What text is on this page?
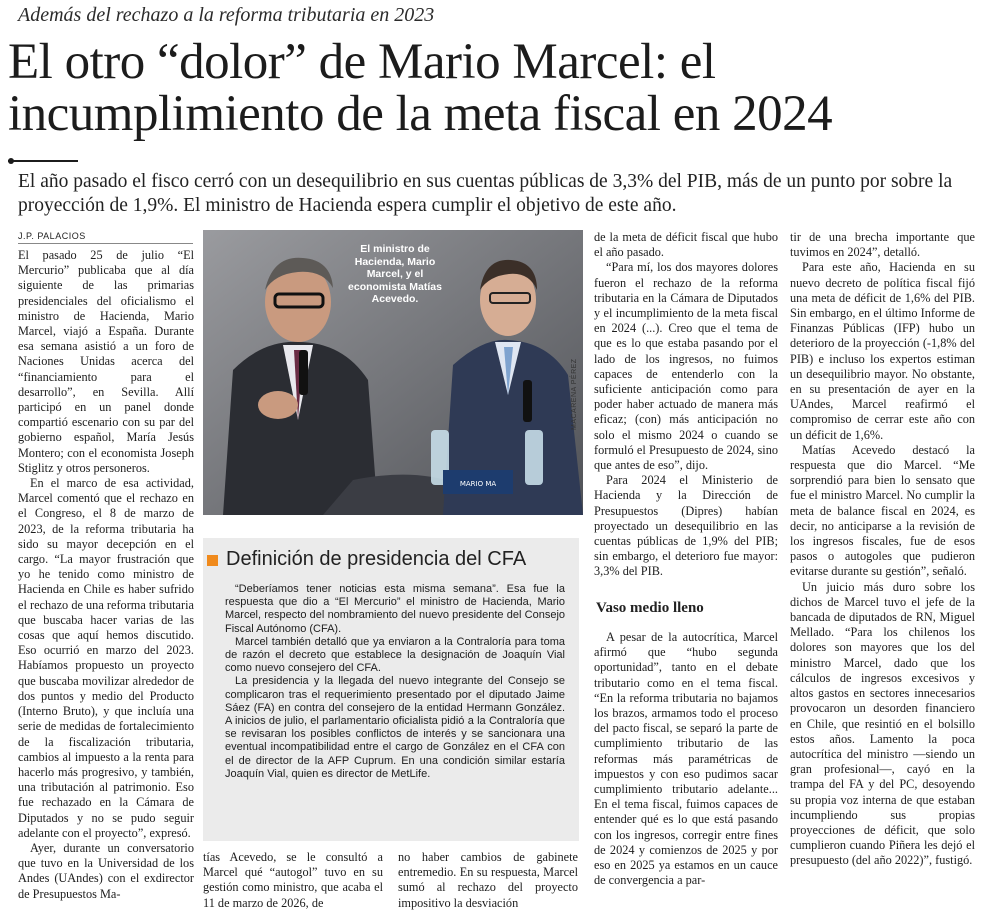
Además del rechazo a la reforma tributaria en 2023
El otro “dolor” de Mario Marcel: el incumplimiento de la meta fiscal en 2024
El año pasado el fisco cerró con un desequilibrio en sus cuentas públicas de 3,3% del PIB, más de un punto por sobre la proyección de 1,9%. El ministro de Hacienda espera cumplir el objetivo de este año.
J.P. PALACIOS

El pasado 25 de julio “El Mercurio” publicaba que al día siguiente de las primarias presidenciales del oficialismo el ministro de Hacienda, Mario Marcel, viajó a España. Durante esa semana asistió a un foro de Naciones Unidas acerca del “financiamiento para el desarrollo”, en Sevilla. Allí participó en un panel donde compartió escenario con su par del gobierno español, María Jesús Montero; con el economista Joseph Stiglitz y otros personeros.

En el marco de esa actividad, Marcel comentó que el rechazo en el Congreso, el 8 de marzo de 2023, de la reforma tributaria ha sido su mayor decepción en el cargo. “La mayor frustración que yo he tenido como ministro de Hacienda en Chile es haber sufrido el rechazo de una reforma tributaria que buscaba hacer varias de las cosas que aquí hemos discutido. Eso ocurrió en marzo del 2023. Habíamos propuesto un proyecto que buscaba movilizar alrededor de dos puntos y medio del Producto (Interno Bruto), y que incluía una serie de medidas de fortalecimiento de la fiscalización tributaria, cambios al impuesto a la renta para hacerlo más progresivo, y también, una tributación al patrimonio. Eso fue rechazado en la Cámara de Diputados y no se pudo seguir adelante con el proyecto”, expresó.

Ayer, durante un conversatorio que tuvo en la Universidad de los Andes (UAndes) con el exdirector de Presupuestos Ma-

MARIO MA
El ministro de Hacienda, Mario Marcel, y el economista Matías Acevedo.
MACARENA PÉREZ
Definición de presidencia del CFA

“Deberíamos tener noticias esta misma semana”. Esa fue la respuesta que dio a “El Mercurio” el ministro de Hacienda, Mario Marcel, respecto del nombramiento del nuevo presidente del Consejo Fiscal Autónomo (CFA).

Marcel también detalló que ya enviaron a la Contraloría para toma de razón el decreto que establece la designación de Joaquín Vial como nuevo consejero del CFA.

La presidencia y la llegada del nuevo integrante del Consejo se complicaron tras el requerimiento presentado por el diputado Jaime Sáez (FA) en contra del consejero de la entidad Hermann González. A inicios de julio, el parlamentario oficialista pidió a la Contraloría que se revisaran los posibles conflictos de interés y se sancionara una eventual incompatibilidad entre el cargo de González en el CFA con el de director de la AFP Cuprum. En una condición similar estaría Joaquín Vial, quien es director de MetLife.

tías Acevedo, se le consultó a Marcel qué “autogol” tuvo en su gestión como ministro, que acaba el 11 de marzo de 2026, de

no haber cambios de gabinete entremedio. En su respuesta, Marcel sumó al rechazo del proyecto impositivo la desviación

de la meta de déficit fiscal que hubo el año pasado.

“Para mí, los dos mayores dolores fueron el rechazo de la reforma tributaria en la Cámara de Diputados y el incumplimiento de la meta fiscal en 2024 (...). Creo que el tema de que es lo que estaba pasando por el lado de los ingresos, no fuimos capaces de entenderlo con la suficiente anticipación como para poder haber actuado de manera más eficaz; (con) más anticipación no solo el mismo 2024 o cuando se formuló el Presupuesto de 2024, sino que antes de eso”, dijo.

Para 2024 el Ministerio de Hacienda y la Dirección de Presupuestos (Dipres) habían proyectado un desequilibrio en las cuentas públicas de 1,9% del PIB; sin embargo, el deterioro fue mayor: 3,3% del PIB.

Vaso medio lleno

A pesar de la autocrítica, Marcel afirmó que “hubo segunda oportunidad”, tanto en el debate tributario como en el tema fiscal. “En la reforma tributaria no bajamos los brazos, armamos todo el proceso del pacto fiscal, se separó la parte de cumplimiento tributario de las reformas más paramétricas de impuestos y con eso pudimos sacar cumplimiento tributario adelante... En el tema fiscal, fuimos capaces de entender qué es lo que está pasando con los ingresos, corregir entre fines de 2024 y comienzos de 2025 y por eso en 2025 ya estamos en un cauce de convergencia a par-

tir de una brecha importante que tuvimos en 2024”, detalló.

Para este año, Hacienda en su nuevo decreto de política fiscal fijó una meta de déficit de 1,6% del PIB. Sin embargo, en el último Informe de Finanzas Públicas (IFP) hubo un deterioro de la proyección (-1,8% del PIB) e incluso los expertos estiman un desequilibrio mayor. No obstante, en su presentación de ayer en la UAndes, Marcel reafirmó el compromiso de cerrar este año con un déficit de 1,6%.

Matías Acevedo destacó la respuesta que dio Marcel. “Me sorprendió para bien lo sensato que fue el ministro Marcel. No cumplir la meta de balance fiscal en 2024, es decir, no anticiparse a la revisión de los ingresos fiscales, fue de esos pasos o autogoles que pudieron evitarse durante su gestión”, señaló.

Un juicio más duro sobre los dichos de Marcel tuvo el jefe de la bancada de diputados de RN, Miguel Mellado. “Para los chilenos los dolores son mayores que los del ministro Marcel, dado que los cálculos de ingresos excesivos y altos gastos en sectores innecesarios provocaron un desorden financiero en Chile, que resintió en el bolsillo estos años. Lamento la poca autocrítica del ministro —siendo un gran profesional—, cayó en la trampa del FA y del PC, desoyendo su propia voz interna de que estaban incumpliendo sus propias proyecciones de déficit, que solo cumplieron cuando Piñera les dejó el presupuesto (del año 2022)”, fustigó.
